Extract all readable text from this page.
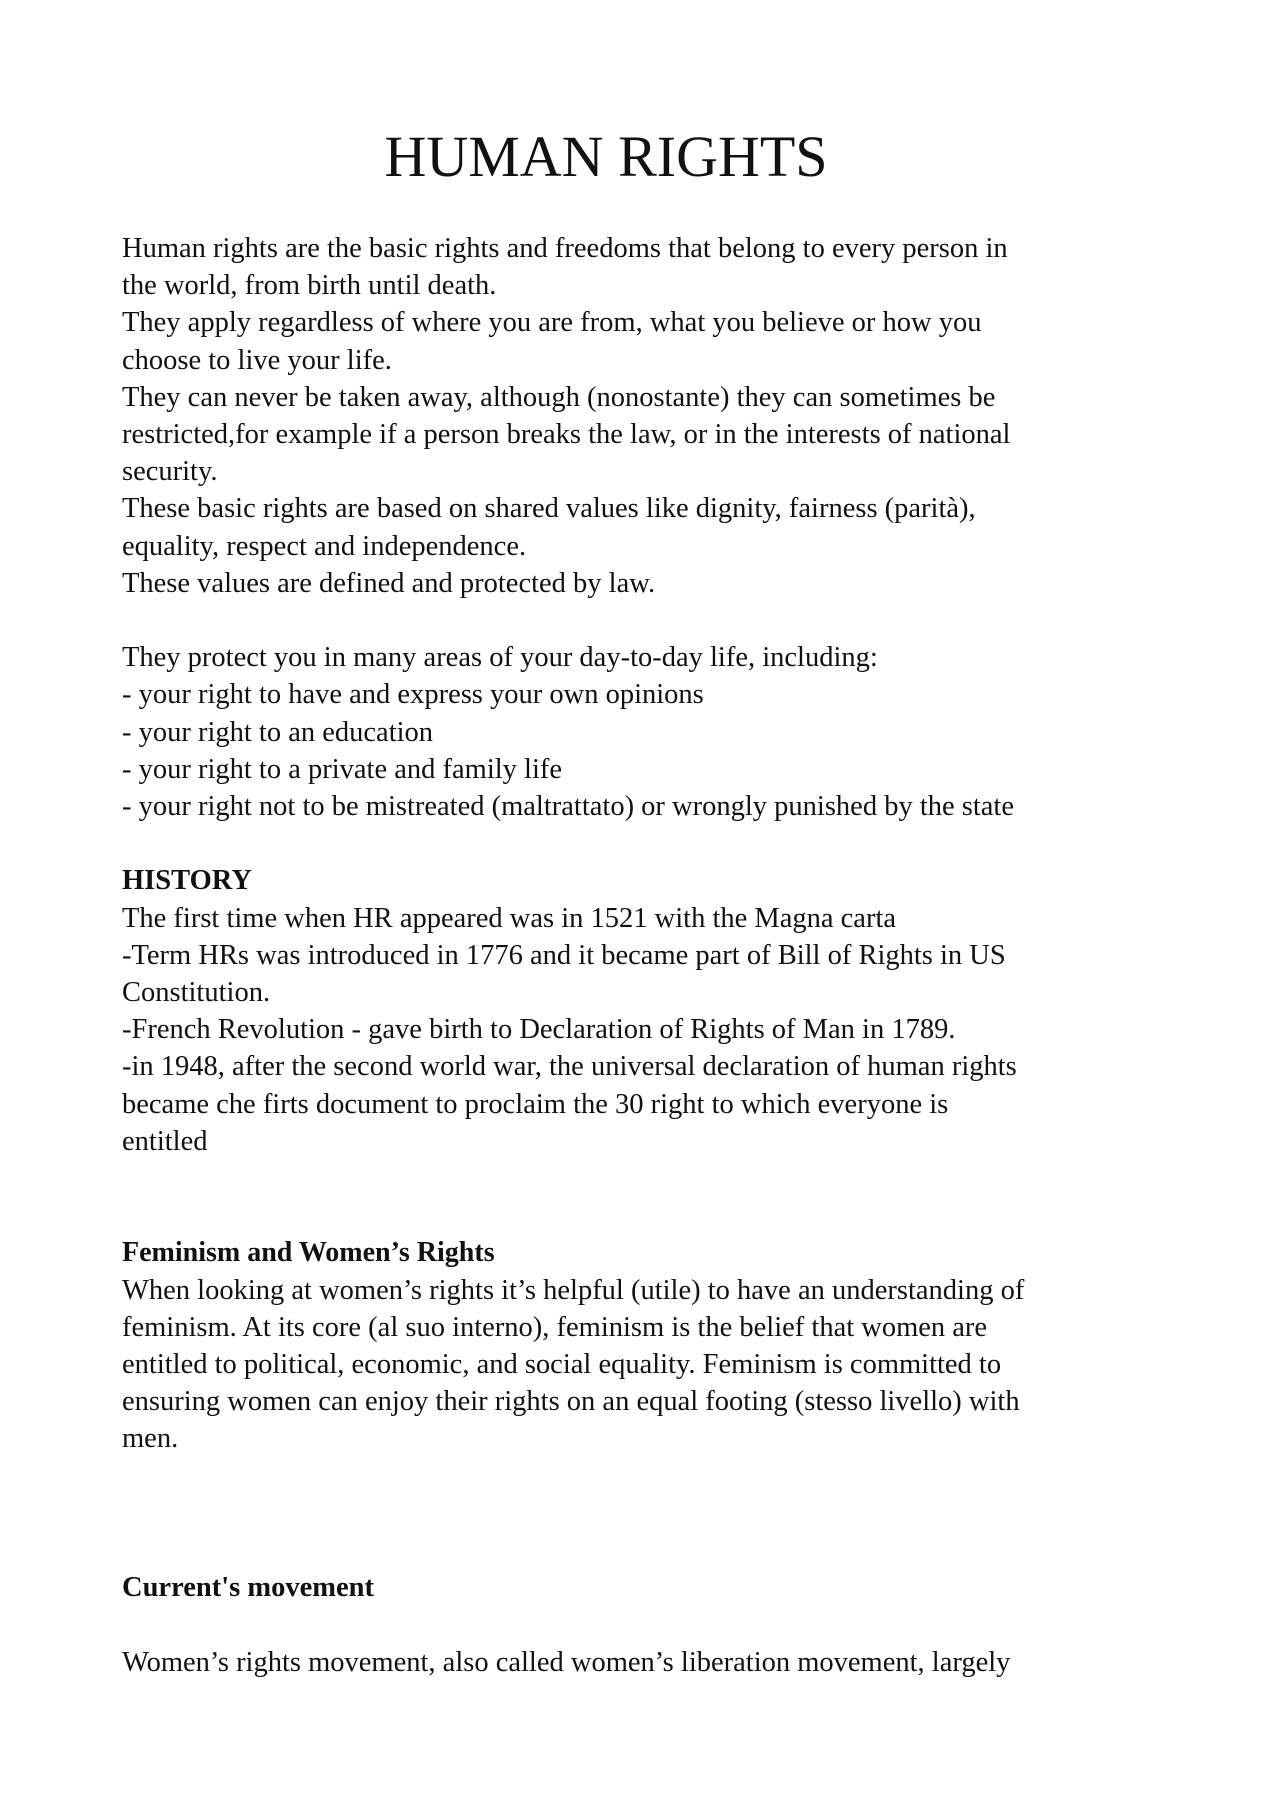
HUMAN RIGHTS
Human rights are the basic rights and freedoms that belong to every person in
the world, from birth until death.
They apply regardless of where you are from, what you believe or how you
choose to live your life.
They can never be taken away, although (nonostante) they can sometimes be
restricted,for example if a person breaks the law, or in the interests of national
security.
These basic rights are based on shared values like dignity, fairness (parità),
equality, respect and independence.
These values are defined and protected by law.
They protect you in many areas of your day-to-day life, including:
- your right to have and express your own opinions
- your right to an education
- your right to a private and family life
- your right not to be mistreated (maltrattato) or wrongly punished by the state
HISTORY
The first time when HR appeared was in 1521 with the Magna carta
-Term HRs was introduced in 1776 and it became part of Bill of Rights in US
Constitution.
-French Revolution - gave birth to Declaration of Rights of Man in 1789.
-in 1948, after the second world war, the universal declaration of human rights
became che firts document to proclaim the 30 right to which everyone is
entitled
Feminism and Women’s Rights
When looking at women’s rights it’s helpful (utile) to have an understanding of
feminism. At its core (al suo interno), feminism is the belief that women are
entitled to political, economic, and social equality. Feminism is committed to
ensuring women can enjoy their rights on an equal footing (stesso livello) with
men.
Current's movement
Women’s rights movement, also called women’s liberation movement, largely
